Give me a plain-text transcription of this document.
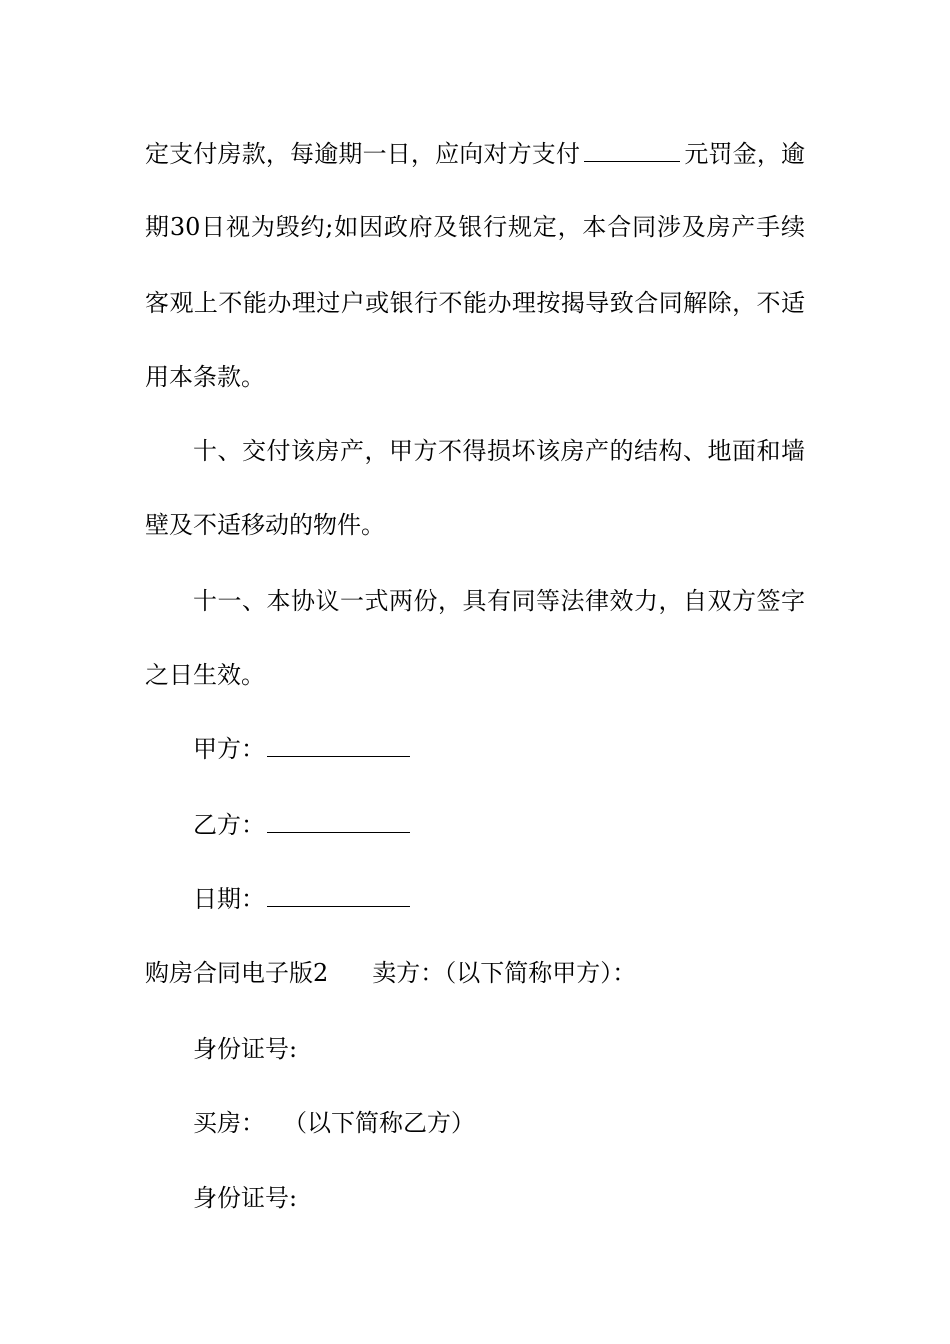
定支付房款，每逾期一日，应向对方支付	元罚金，逾
期30日视为毁约;如因政府及银行规定，本合同涉及房产手续
客观上不能办理过户或银行不能办理按揭导致合同解除，不适
用本条款。
十、交付该房产，甲方不得损坏该房产的结构、地面和墙
壁及不适移动的物件。
十一、本协议一式两份，具有同等法律效力，自双方签字
之日生效。
甲方：
乙方：
日期：
购房合同电子版2 卖方：（以下简称甲方）：
身份证号:
买房： （以下简称乙方）
身份证号:
